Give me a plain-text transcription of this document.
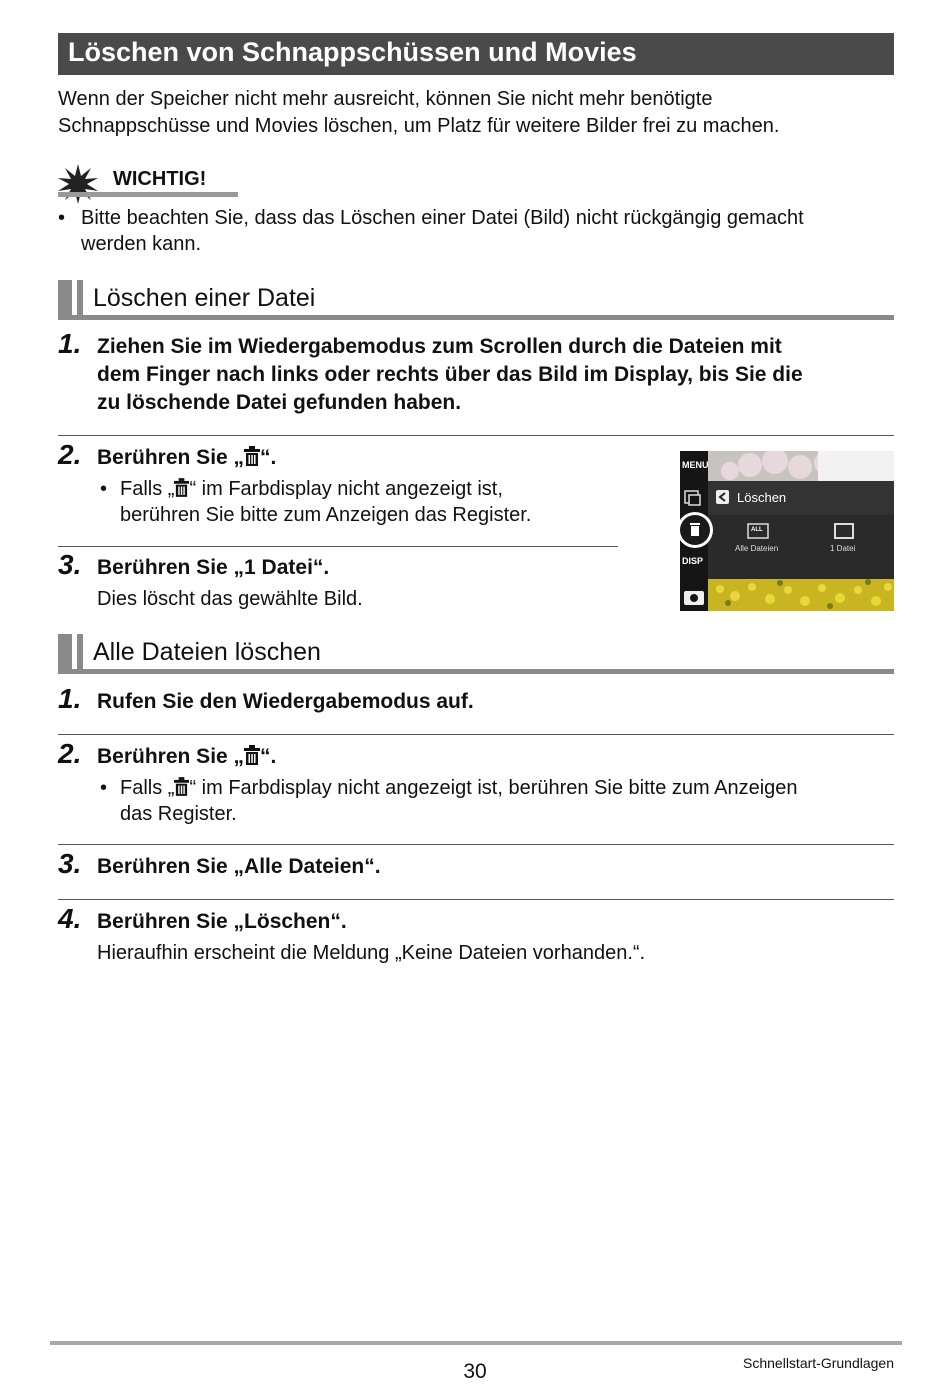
Löschen von Schnappschüssen und Movies
Wenn der Speicher nicht mehr ausreicht, können Sie nicht mehr benötigte
Schnappschüsse und Movies löschen, um Platz für weitere Bilder frei zu machen.
WICHTIG!
• Bitte beachten Sie, dass das Löschen einer Datei (Bild) nicht rückgängig gemacht
werden kann.
Löschen einer Datei
1. Ziehen Sie im Wiedergabemodus zum Scrollen durch die Dateien mit
dem Finger nach links oder rechts über das Bild im Display, bis Sie die
zu löschende Datei gefunden haben.
2. Berühren Sie „ “.
• Falls „ “ im Farbdisplay nicht angezeigt ist,
berühren Sie bitte zum Anzeigen das Register.
3. Berühren Sie „1 Datei“.
Dies löscht das gewählte Bild.
MENU
DISP
Löschen
ALL
Alle Dateien	1 Datei
Alle Dateien löschen
1. Rufen Sie den Wiedergabemodus auf.
2. Berühren Sie „ “.
• Falls „ “ im Farbdisplay nicht angezeigt ist, berühren Sie bitte zum Anzeigen
das Register.
3. Berühren Sie „Alle Dateien“.
4. Berühren Sie „Löschen“.
Hieraufhin erscheint die Meldung „Keine Dateien vorhanden.“.
30	Schnellstart-Grundlagen
